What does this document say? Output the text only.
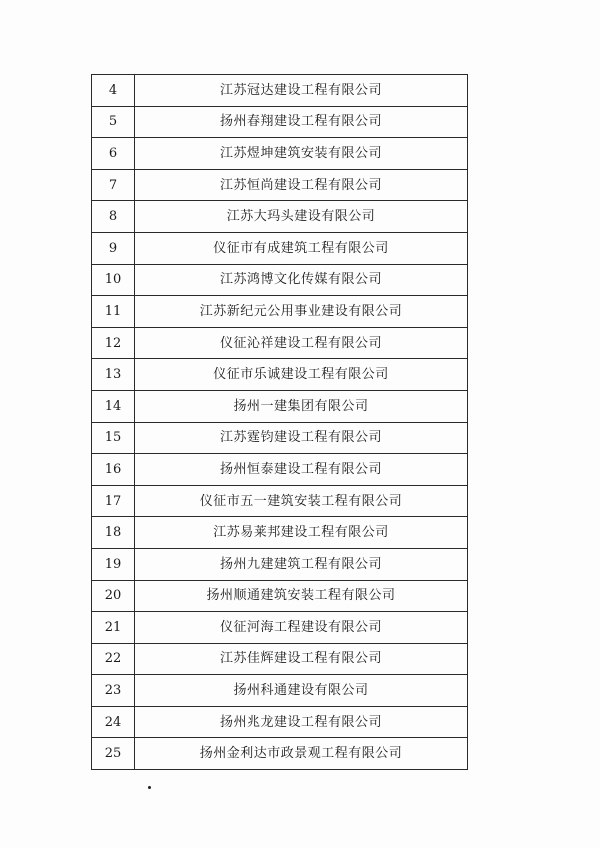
4	江苏冠达建设工程有限公司
5	扬州春翔建设工程有限公司
6	江苏煜坤建筑安装有限公司
7	江苏恒尚建设工程有限公司
8	江苏大玛头建设有限公司
9	仪征市有成建筑工程有限公司
10	江苏鸿博文化传媒有限公司
11	江苏新纪元公用事业建设有限公司
12	仪征沁祥建设工程有限公司
13	仪征市乐诚建设工程有限公司
14	扬州一建集团有限公司
15	江苏霆钧建设工程有限公司
16	扬州恒泰建设工程有限公司
17	仪征市五一建筑安装工程有限公司
18	江苏易莱邦建设工程有限公司
19	扬州九建建筑工程有限公司
20	扬州顺通建筑安装工程有限公司
21	仪征河海工程建设有限公司
22	江苏佳辉建设工程有限公司
23	扬州科通建设有限公司
24	扬州兆龙建设工程有限公司
25	扬州金利达市政景观工程有限公司
